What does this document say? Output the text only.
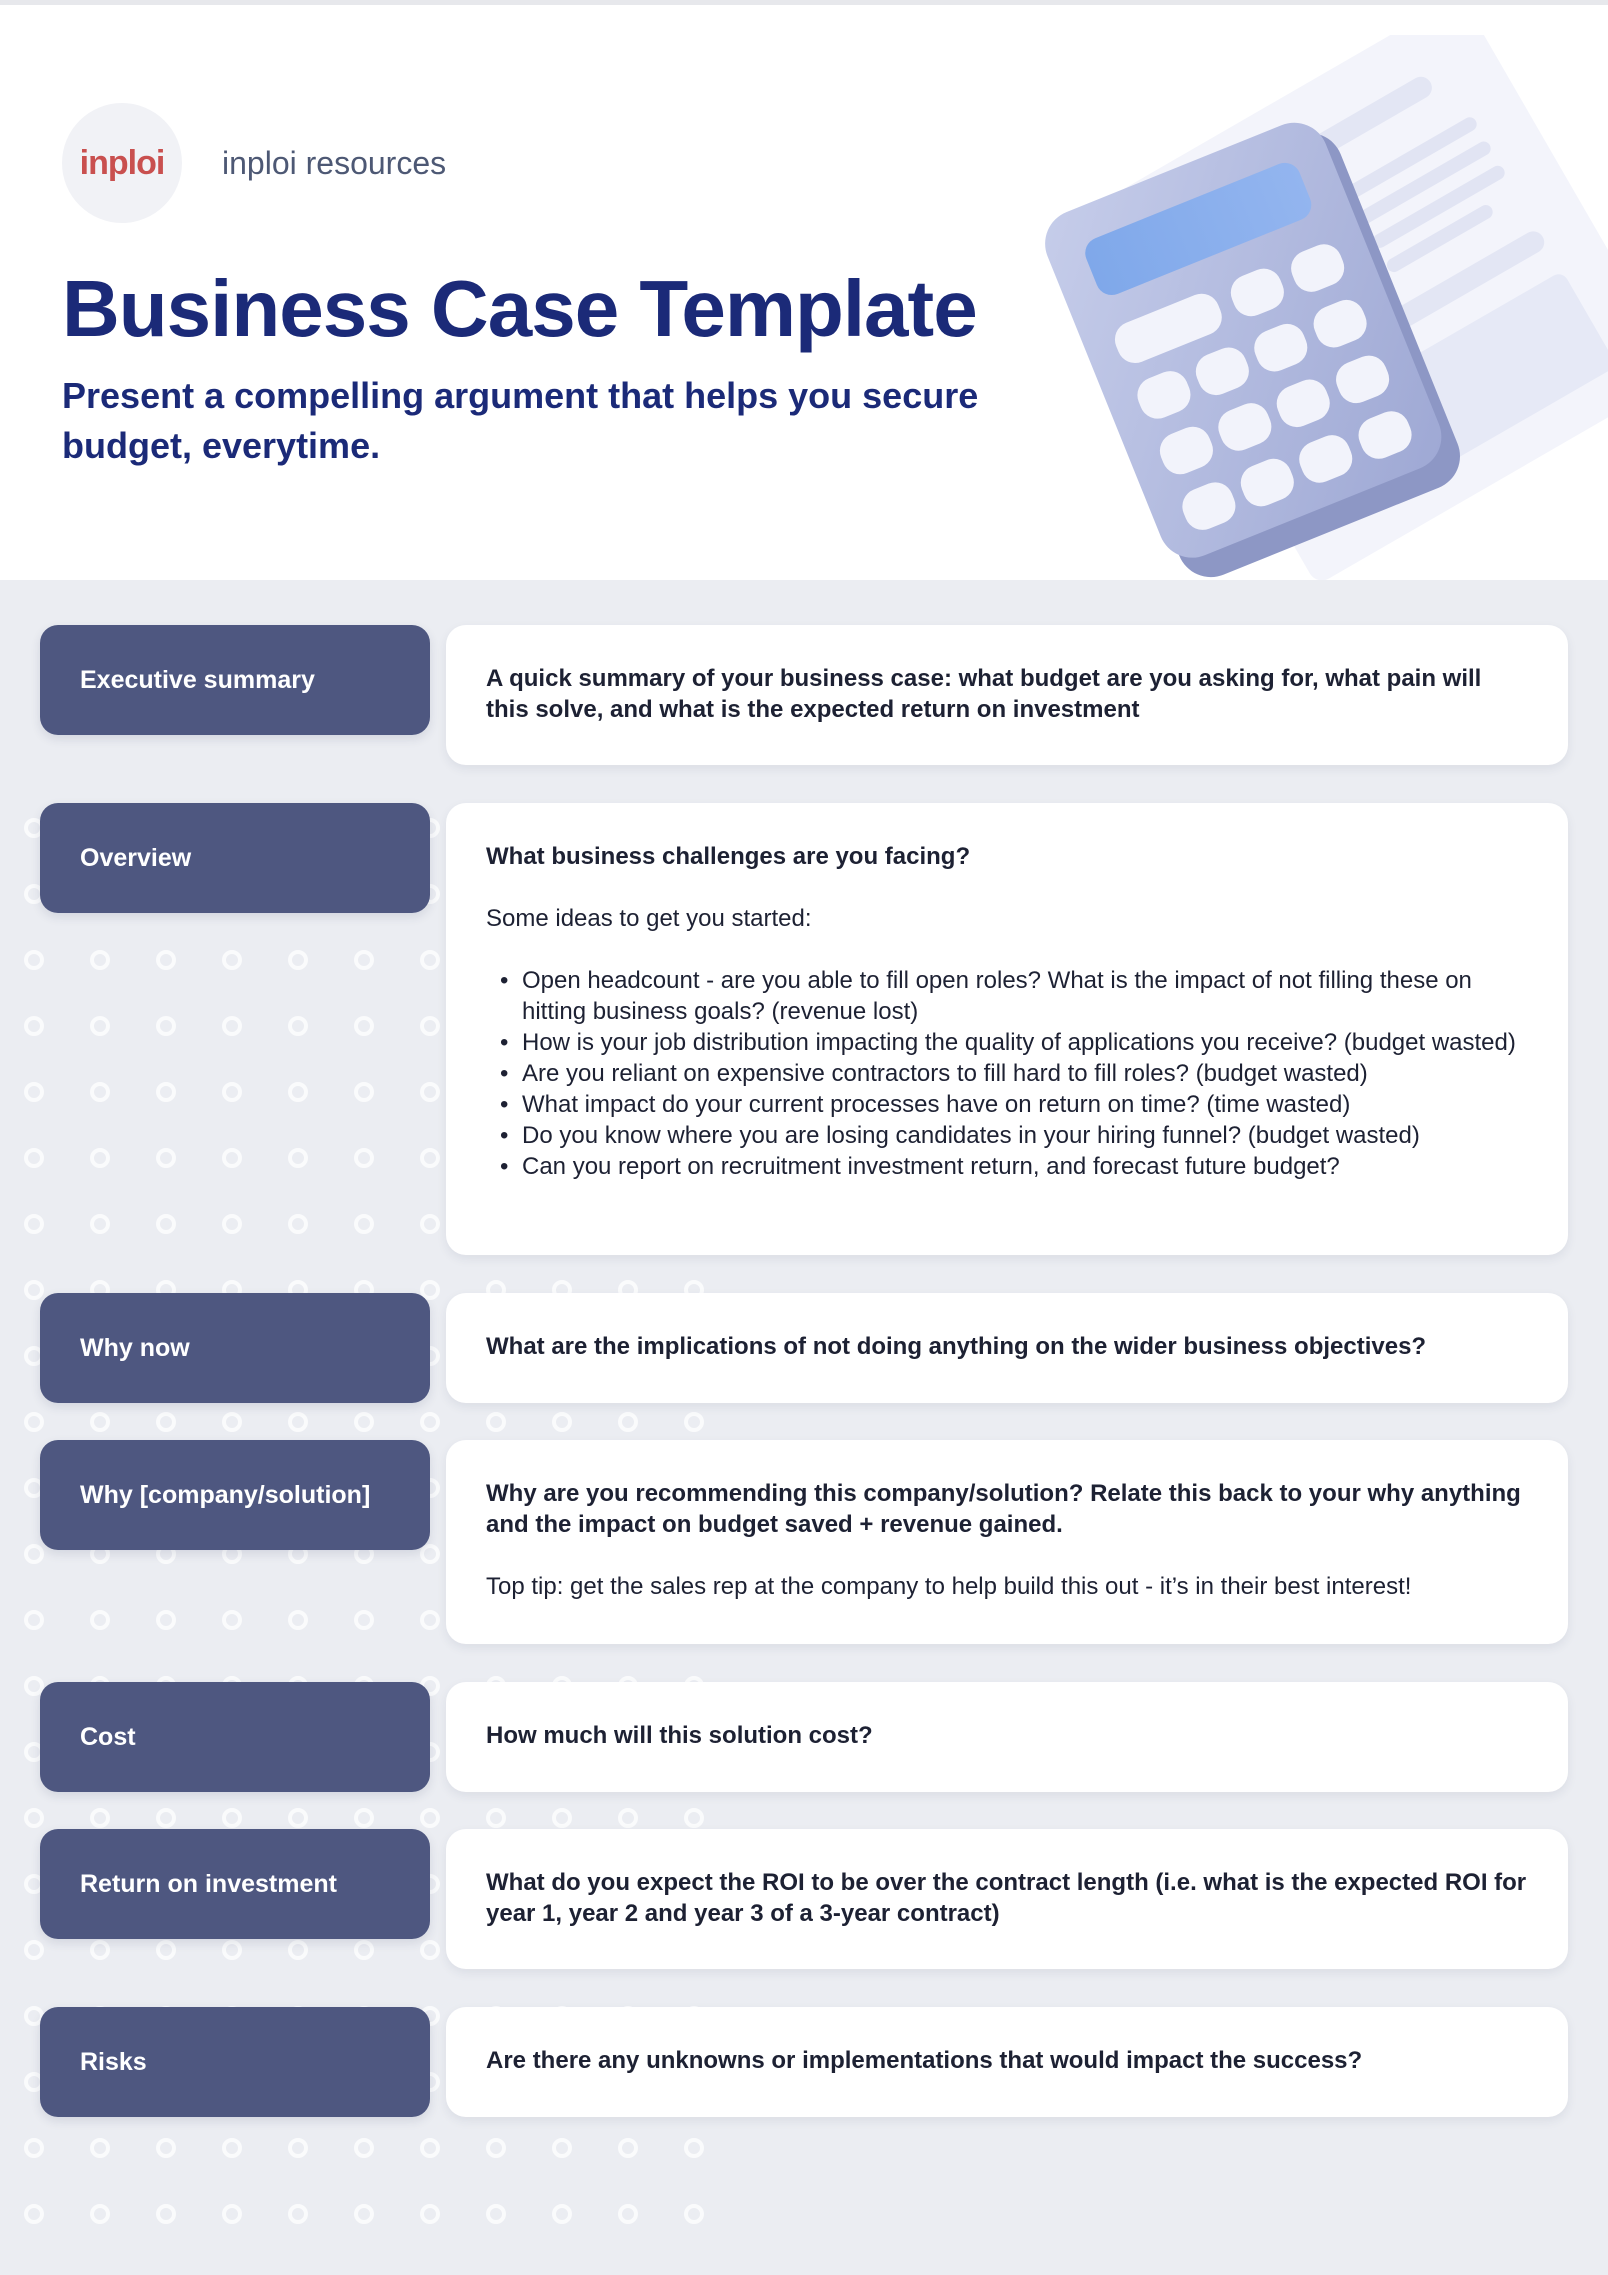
inploi inploi resources
Business Case Template
Present a compelling argument that helps you secure budget, everytime.
Executive summary	A quick summary of your business case: what budget are you asking for, what pain will this solve, and what is the expected return on investment
Overview	What business challenges are you facing?
Some ideas to get you started:
• Open headcount - are you able to fill open roles? What is the impact of not filling these on hitting business goals? (revenue lost)
• How is your job distribution impacting the quality of applications you receive? (budget wasted)
• Are you reliant on expensive contractors to fill hard to fill roles? (budget wasted)
• What impact do your current processes have on return on time? (time wasted)
• Do you know where you are losing candidates in your hiring funnel? (budget wasted)
• Can you report on recruitment investment return, and forecast future budget?
Why now	What are the implications of not doing anything on the wider business objectives?
Why [company/solution]	Why are you recommending this company/solution? Relate this back to your why anything and the impact on budget saved + revenue gained.
Top tip: get the sales rep at the company to help build this out - it’s in their best interest!
Cost	How much will this solution cost?
Return on investment	What do you expect the ROI to be over the contract length (i.e. what is the expected ROI for year 1, year 2 and year 3 of a 3-year contract)
Risks	Are there any unknowns or implementations that would impact the success?
